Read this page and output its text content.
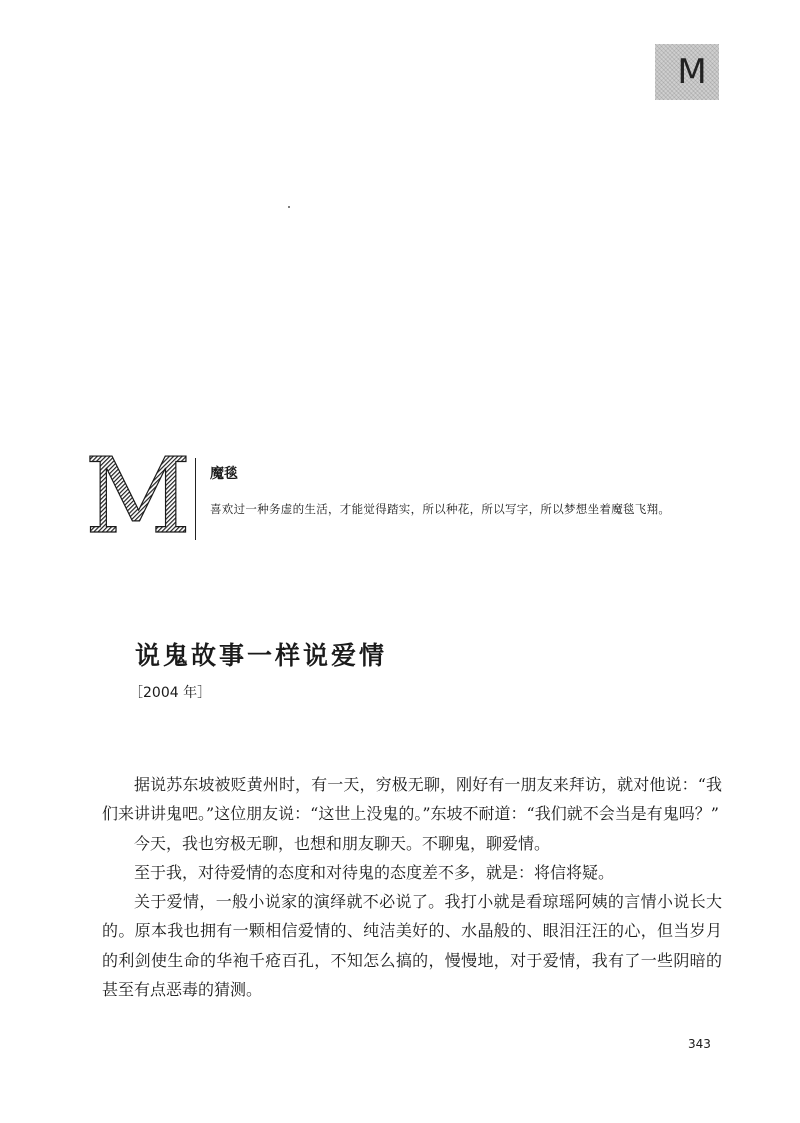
M
M 魔毯
喜欢过一种务虚的生活，才能觉得踏实，所以种花，所以写字，所以梦想坐着魔毯飞翔。
说鬼故事一样说爱情
［2004 年］

据说苏东坡被贬黄州时，有一天，穷极无聊，刚好有一朋友来拜访，就对他说：“我们来讲讲鬼吧。”这位朋友说：“这世上没鬼的。”东坡不耐道：“我们就不会当是有鬼吗？”

今天，我也穷极无聊，也想和朋友聊天。不聊鬼，聊爱情。

至于我，对待爱情的态度和对待鬼的态度差不多，就是：将信将疑。

关于爱情，一般小说家的演绎就不必说了。我打小就是看琼瑶阿姨的言情小说长大的。原本我也拥有一颗相信爱情的、纯洁美好的、水晶般的、眼泪汪汪的心，但当岁月的利剑使生命的华袍千疮百孔，不知怎么搞的，慢慢地，对于爱情，我有了一些阴暗的甚至有点恶毒的猜测。

343
